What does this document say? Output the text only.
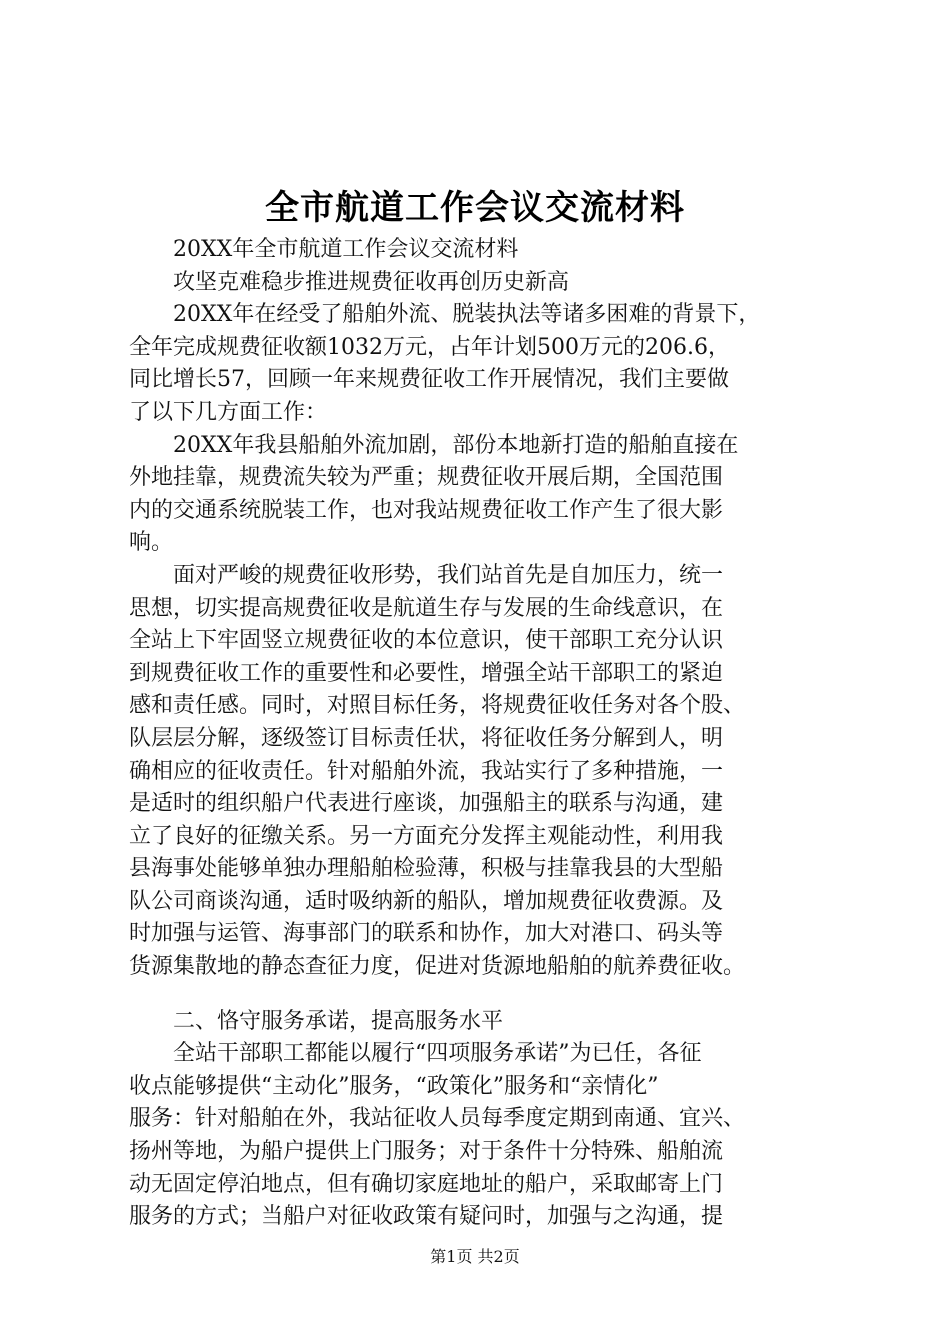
全市航道工作会议交流材料
20XX年全市航道工作会议交流材料
攻坚克难稳步推进规费征收再创历史新高
20XX年在经受了船舶外流、脱装执法等诸多困难的背景下，
全年完成规费征收额1032万元，占年计划500万元的206.6，
同比增长57，回顾一年来规费征收工作开展情况，我们主要做
了以下几方面工作：
20XX年我县船舶外流加剧，部份本地新打造的船舶直接在
外地挂靠，规费流失较为严重；规费征收开展后期，全国范围
内的交通系统脱装工作，也对我站规费征收工作产生了很大影
响。
面对严峻的规费征收形势，我们站首先是自加压力，统一
思想，切实提高规费征收是航道生存与发展的生命线意识，在
全站上下牢固竖立规费征收的本位意识，使干部职工充分认识
到规费征收工作的重要性和必要性，增强全站干部职工的紧迫
感和责任感。同时，对照目标任务，将规费征收任务对各个股、
队层层分解，逐级签订目标责任状，将征收任务分解到人，明
确相应的征收责任。针对船舶外流，我站实行了多种措施，一
是适时的组织船户代表进行座谈，加强船主的联系与沟通，建
立了良好的征缴关系。另一方面充分发挥主观能动性，利用我
县海事处能够单独办理船舶检验薄，积极与挂靠我县的大型船
队公司商谈沟通，适时吸纳新的船队，增加规费征收费源。及
时加强与运管、海事部门的联系和协作，加大对港口、码头等
货源集散地的静态查征力度，促进对货源地船舶的航养费征收。
二、恪守服务承诺，提高服务水平
全站干部职工都能以履行“四项服务承诺”为已任，各征
收点能够提供“主动化”服务，“政策化”服务和“亲情化”
服务：针对船舶在外，我站征收人员每季度定期到南通、宜兴、
扬州等地，为船户提供上门服务；对于条件十分特殊、船舶流
动无固定停泊地点，但有确切家庭地址的船户，采取邮寄上门
服务的方式；当船户对征收政策有疑问时，加强与之沟通，提
第1页 共2页
